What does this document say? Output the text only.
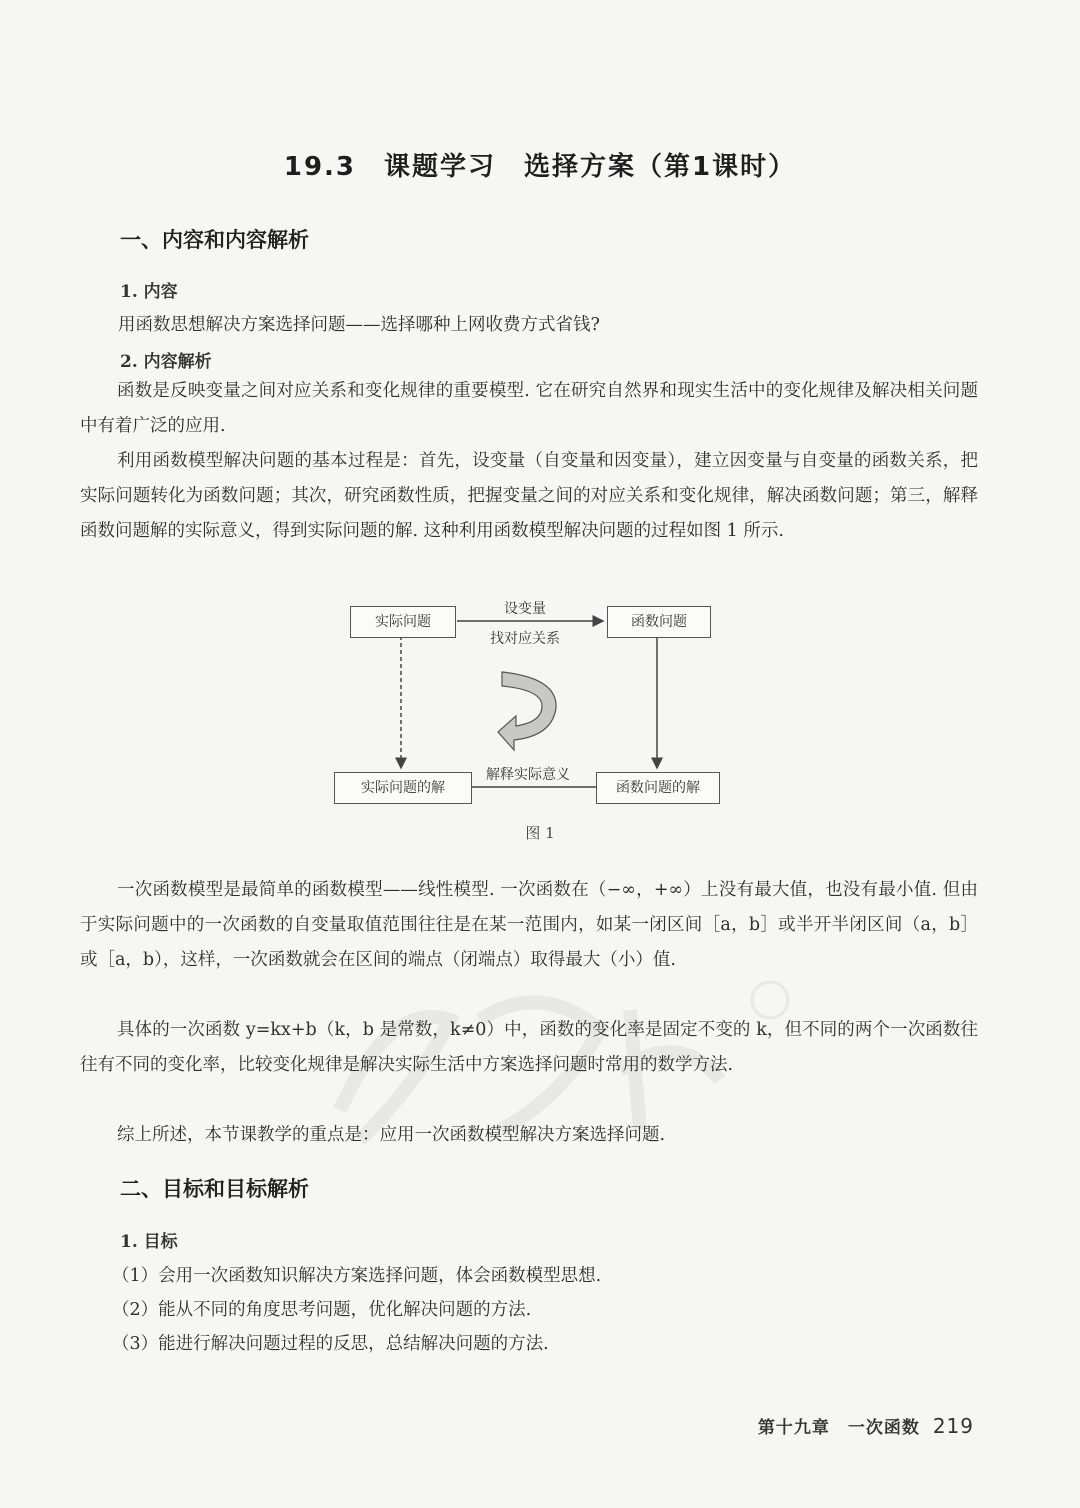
19.3　课题学习　选择方案（第1课时）
一、内容和内容解析
1. 内容
用函数思想解决方案选择问题——选择哪种上网收费方式省钱?
2. 内容解析
函数是反映变量之间对应关系和变化规律的重要模型. 它在研究自然界和现实生活中的变化规律及解决相关问题中有着广泛的应用.
利用函数模型解决问题的基本过程是：首先，设变量（自变量和因变量），建立因变量与自变量的函数关系，把实际问题转化为函数问题；其次，研究函数性质，把握变量之间的对应关系和变化规律，解决函数问题；第三，解释函数问题解的实际意义，得到实际问题的解. 这种利用函数模型解决问题的过程如图 1 所示.
实际问题	函数问题
实际问题的解	函数问题的解
设变量
找对应关系
解释实际意义
图 1
一次函数模型是最简单的函数模型——线性模型. 一次函数在（−∞，+∞）上没有最大值，也没有最小值. 但由于实际问题中的一次函数的自变量取值范围往往是在某一范围内，如某一闭区间［a，b］或半开半闭区间（a，b］或［a，b），这样，一次函数就会在区间的端点（闭端点）取得最大（小）值.
具体的一次函数 y=kx+b（k，b 是常数，k≠0）中，函数的变化率是固定不变的 k，但不同的两个一次函数往往有不同的变化率，比较变化规律是解决实际生活中方案选择问题时常用的数学方法.
综上所述，本节课教学的重点是：应用一次函数模型解决方案选择问题.
二、目标和目标解析
1. 目标
（1）会用一次函数知识解决方案选择问题，体会函数模型思想.
（2）能从不同的角度思考问题，优化解决问题的方法.
（3）能进行解决问题过程的反思，总结解决问题的方法.
第十九章　一次函数 219
